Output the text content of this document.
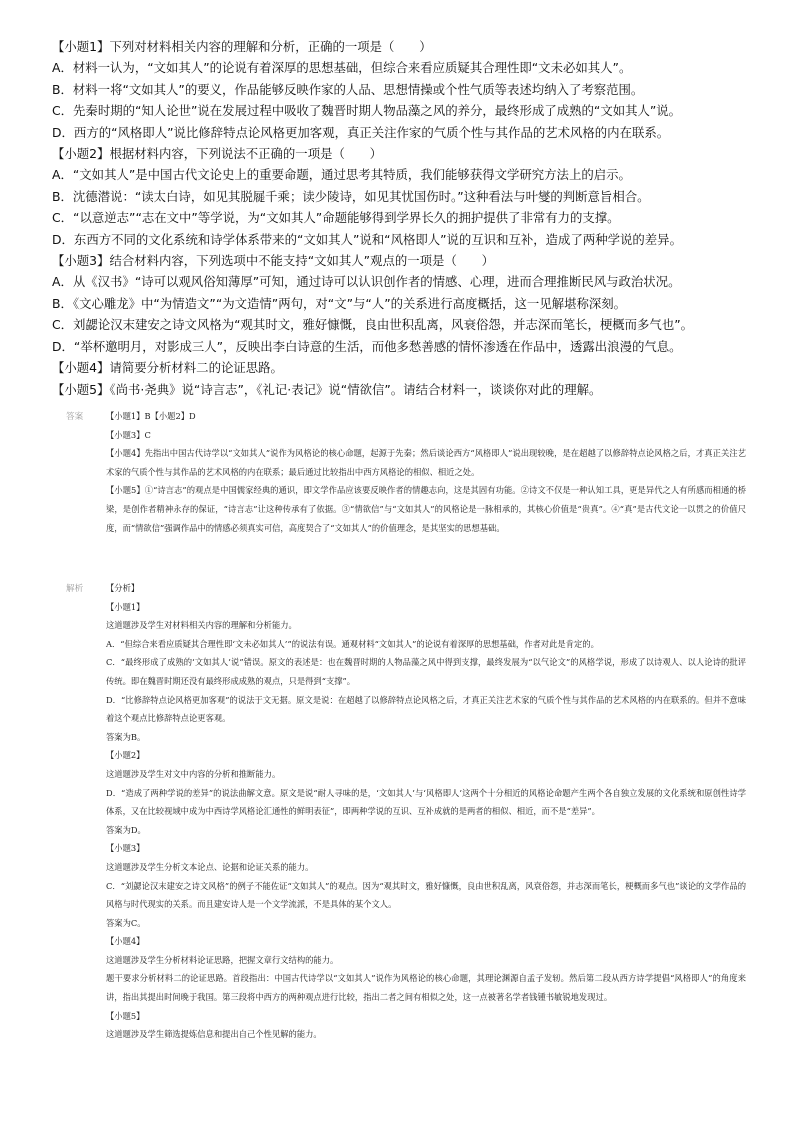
【小题1】下列对材料相关内容的理解和分析，正确的一项是（　　）

A．材料一认为，“文如其人”的论说有着深厚的思想基础，但综合来看应质疑其合理性即“文未必如其人”。

B．材料一将“文如其人”的要义，作品能够反映作家的人品、思想情操或个性气质等表述均纳入了考察范围。

C．先秦时期的“知人论世”说在发展过程中吸收了魏晋时期人物品藻之风的养分，最终形成了成熟的“文如其人”说。

D．西方的“风格即人”说比修辞特点论风格更加客观，真正关注作家的气质个性与其作品的艺术风格的内在联系。

【小题2】根据材料内容，下列说法不正确的一项是（　　）

A．“文如其人”是中国古代文论史上的重要命题，通过思考其特质，我们能够获得文学研究方法上的启示。

B．沈德潜说：“读太白诗，如见其脱屣千乘；读少陵诗，如见其忧国伤时。”这种看法与叶燮的判断意旨相合。

C．“以意逆志”“志在文中”等学说，为“文如其人”命题能够得到学界长久的拥护提供了非常有力的支撑。

D．东西方不同的文化系统和诗学体系带来的“文如其人”说和“风格即人”说的互识和互补，造成了两种学说的差异。

【小题3】结合材料内容，下列选项中不能支持“文如其人”观点的一项是（　　）

A．从《汉书》“诗可以观风俗知薄厚”可知，通过诗可以认识创作者的情感、心理，进而合理推断民风与政治状况。

B．《文心雕龙》中“为情造文”“为文造情”两句，对“文”与“人”的关系进行高度概括，这一见解堪称深刻。

C．刘勰论汉末建安之诗文风格为“观其时文，雅好慷慨，良由世积乱离，风衰俗怨，并志深而笔长，梗概而多气也”。

D．“举杯邀明月，对影成三人”，反映出李白诗意的生活，而他多愁善感的情怀渗透在作品中，透露出浪漫的气息。

【小题4】请简要分析材料二的论证思路。

【小题5】《尚书·尧典》说“诗言志”，《礼记·表记》说“情欲信”。请结合材料一，谈谈你对此的理解。

答案	【小题1】B【小题2】D

【小题3】C

【小题4】先指出中国古代诗学以“文如其人”说作为风格论的核心命题，起源于先秦；然后谈论西方“风格即人”说出现较晚，是在超越了以修辞特点论风格之后，才真正关注艺术家的气质个性与其作品的艺术风格的内在联系；最后通过比较指出中西方风格论的相似、相近之处。

【小题5】①“诗言志”的观点是中国儒家经典的通识，即文学作品应该要反映作者的情趣志向，这是其固有功能。②诗文不仅是一种认知工具，更是异代之人有所感而相通的桥梁，是创作者精神永存的保证，“诗言志”让这种传承有了依据。③“情欲信”与“文如其人”的风格论是一脉相承的，其核心价值是“贵真”。④“真”是古代文论一以贯之的价值尺度，而“情欲信”强调作品中的情感必须真实可信，高度契合了“文如其人”的价值理念，是其坚实的思想基础。

解析	【分析】

【小题1】

这道题涉及学生对材料相关内容的理解和分析能力。

A．“但综合来看应质疑其合理性即‘文未必如其人’”的说法有误。通观材料“文如其人”的论说有着深厚的思想基础，作者对此是肯定的。

C．“最终形成了成熟的‘文如其人’说”错误。原文的表述是：也在魏晋时期的人物品藻之风中得到支撑，最终发展为“以气论文”的风格学说，形成了以诗观人、以人论诗的批评传统。即在魏晋时期还没有最终形成成熟的观点，只是得到“支撑”。

D．“比修辞特点论风格更加客观”的说法于文无据。原文是说：在超越了以修辞特点论风格之后，才真正关注艺术家的气质个性与其作品的艺术风格的内在联系的。但并不意味着这个观点比修辞特点论更客观。

答案为B。

【小题2】

这道题涉及学生对文中内容的分析和推断能力。

D．“造成了两种学说的差异”的说法曲解文意。原文是说“耐人寻味的是，‘文如其人’与‘风格即人’这两个十分相近的风格论命题产生两个各自独立发展的文化系统和原创性诗学体系，又在比较视域中成为中西诗学风格论汇通性的鲜明表征”，即两种学说的互识、互补成就的是两者的相似、相近，而不是“差异”。

答案为D。

【小题3】

这道题涉及学生分析文本论点、论据和论证关系的能力。

C．“刘勰论汉末建安之诗文风格”的例子不能佐证“文如其人”的观点。因为“观其时文，雅好慷慨，良由世积乱离，风衰俗怨，并志深而笔长，梗概而多气也”谈论的文学作品的风格与时代现实的关系。而且建安诗人是一个文学流派，不是具体的某个文人。

答案为C。

【小题4】

这道题涉及学生分析材料论证思路，把握文章行文结构的能力。

题干要求分析材料二的论证思路。首段指出：中国古代诗学以“文如其人”说作为风格论的核心命题，其理论渊源自孟子发轫。然后第二段从西方诗学提倡“风格即人”的角度来讲，指出其提出时间晚于我国。第三段将中西方的两种观点进行比较，指出二者之间有相似之处，这一点被著名学者钱锺书敏锐地发现过。

【小题5】

这道题涉及学生筛选提炼信息和提出自己个性见解的能力。
